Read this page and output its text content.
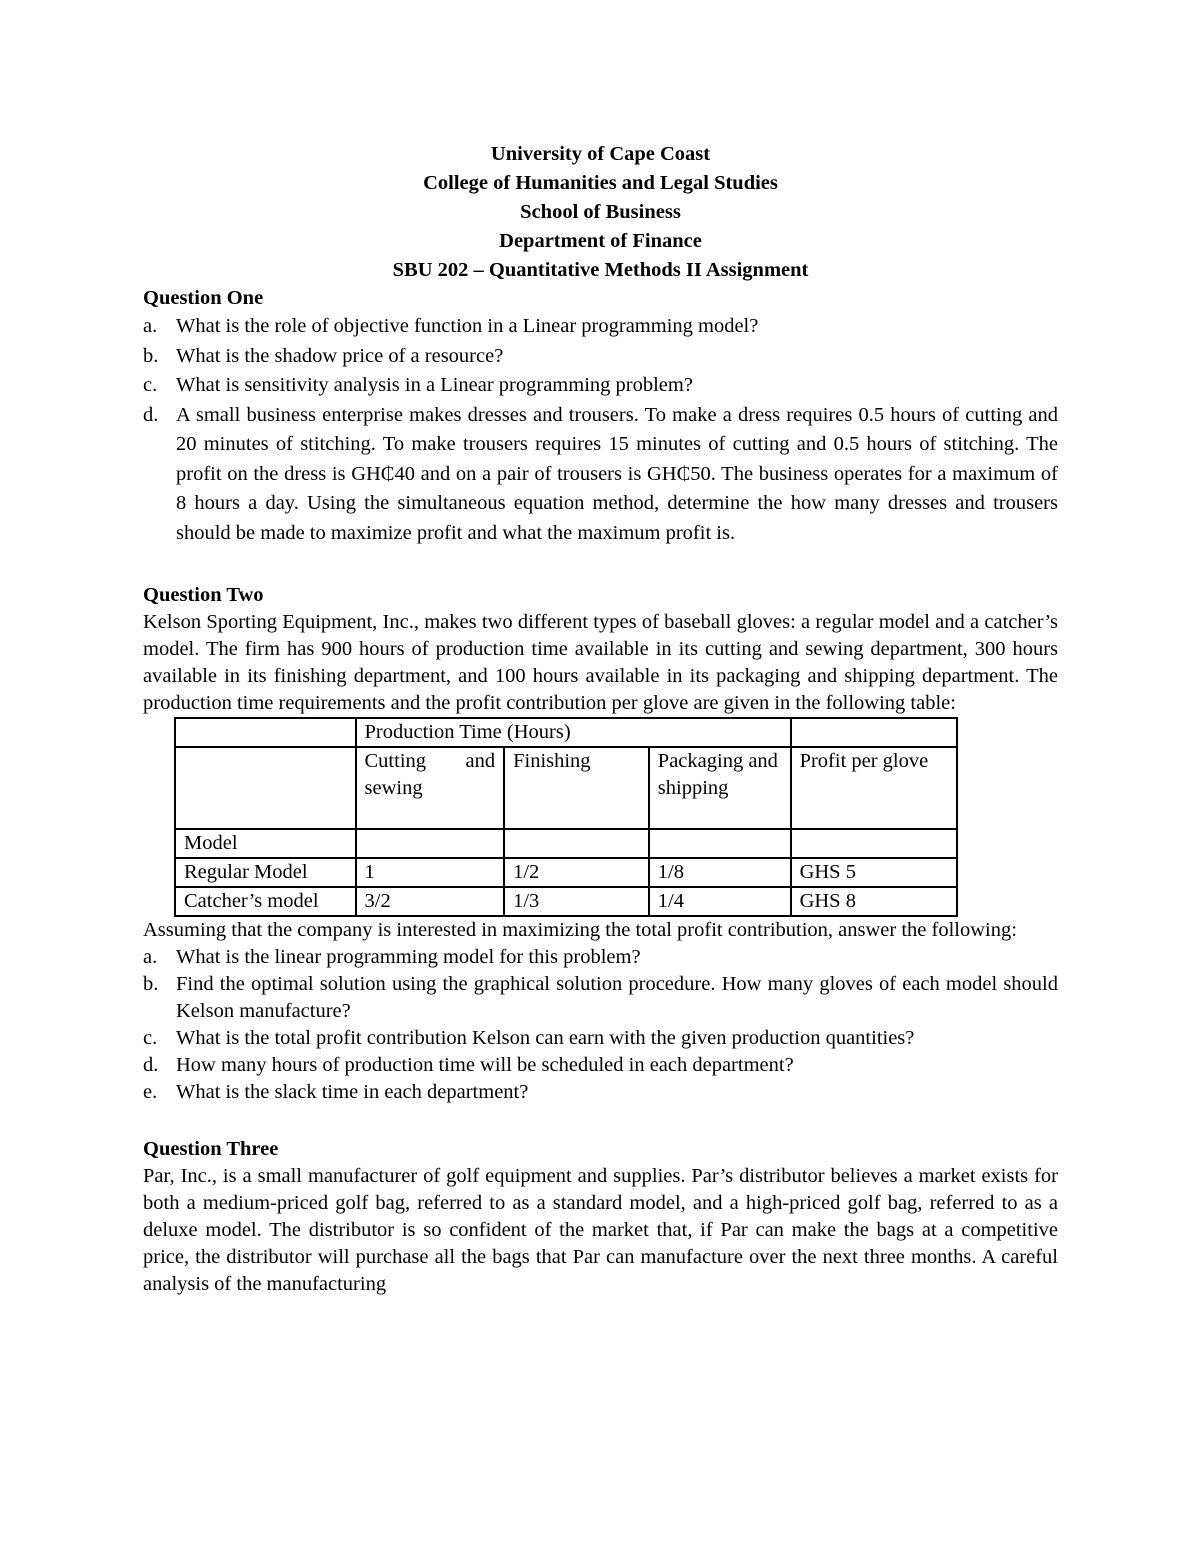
University of Cape Coast
College of Humanities and Legal Studies
School of Business
Department of Finance
SBU 202 – Quantitative Methods II Assignment
Question One
a. What is the role of objective function in a Linear programming model?
b. What is the shadow price of a resource?
c. What is sensitivity analysis in a Linear programming problem?
d. A small business enterprise makes dresses and trousers. To make a dress requires 0.5 hours of cutting and 20 minutes of stitching. To make trousers requires 15 minutes of cutting and 0.5 hours of stitching. The profit on the dress is GH₵40 and on a pair of trousers is GH₵50. The business operates for a maximum of 8 hours a day. Using the simultaneous equation method, determine the how many dresses and trousers should be made to maximize profit and what the maximum profit is.
Question Two

Kelson Sporting Equipment, Inc., makes two different types of baseball gloves: a regular model and a catcher’s model. The firm has 900 hours of production time available in its cutting and sewing department, 300 hours available in its finishing department, and 100 hours available in its packaging and shipping department. The production time requirements and the profit contribution per glove are given in the following table:

	Production Time (Hours)			

	Cutting and sewing	Finishing	Packaging and shipping	Profit per glove
Model				
Regular Model	1	1/2	1/8	GHS 5
Catcher’s model	3/2	1/3	1/4	GHS 8

Assuming that the company is interested in maximizing the total profit contribution, answer the following:

a. What is the linear programming model for this problem?
b. Find the optimal solution using the graphical solution procedure. How many gloves of each model should Kelson manufacture?
c. What is the total profit contribution Kelson can earn with the given production quantities?
d. How many hours of production time will be scheduled in each department?
e. What is the slack time in each department?
Question Three

Par, Inc., is a small manufacturer of golf equipment and supplies. Par’s distributor believes a market exists for both a medium-priced golf bag, referred to as a standard model, and a high-priced golf bag, referred to as a deluxe model. The distributor is so confident of the market that, if Par can make the bags at a competitive price, the distributor will purchase all the bags that Par can manufacture over the next three months. A careful analysis of the manufacturing
